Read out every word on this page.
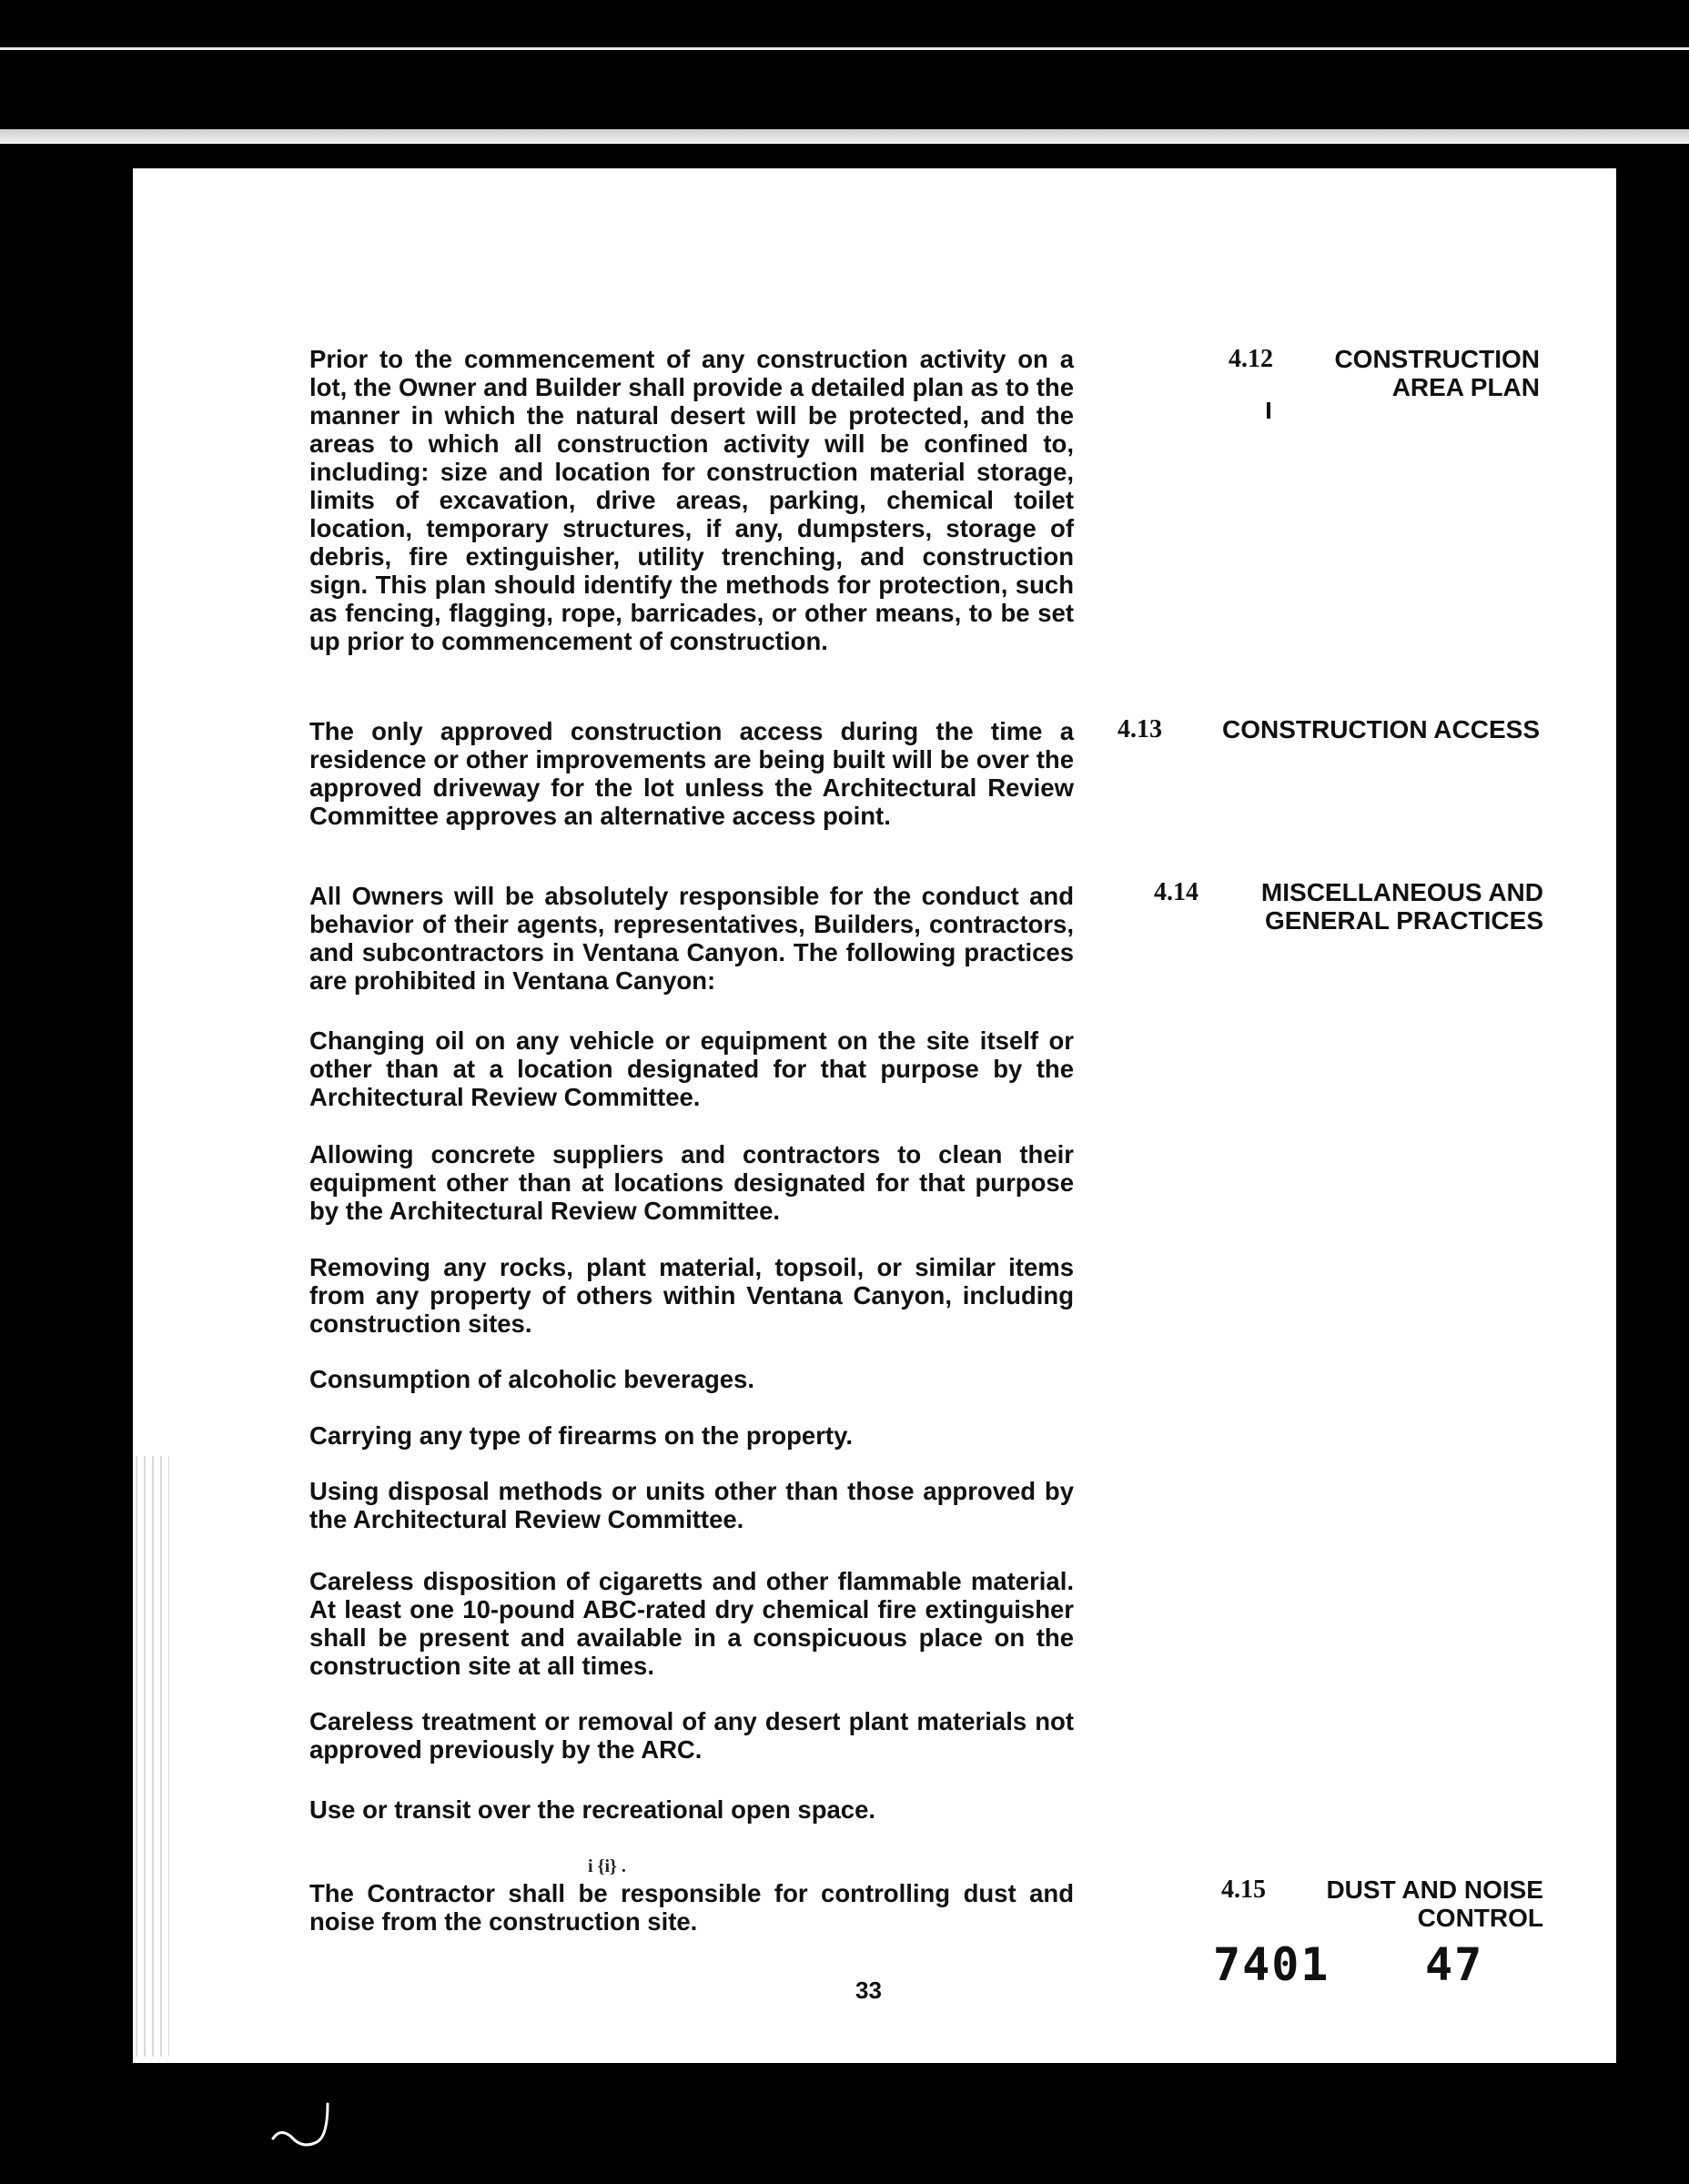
Prior to the commencement of any construction activity on a lot, the Owner and Builder shall provide a detailed plan as to the manner in which the natural desert will be protected, and the areas to which all construction activity will be confined to, including: size and location for construction material storage, limits of excavation, drive areas, parking, chemical toilet location, temporary structures, if any, dumpsters, storage of debris, fire extinguisher, utility trenching, and construction sign. This plan should identify the methods for protection, such as fencing, flagging, rope, barricades, or other means, to be set up prior to commencement of construction.
4.12 CONSTRUCTION
AREA PLAN
The only approved construction access during the time a residence or other improvements are being built will be over the approved driveway for the lot unless the Architectural Review Committee approves an alternative access point.
4.13 CONSTRUCTION ACCESS
All Owners will be absolutely responsible for the conduct and behavior of their agents, representatives, Builders, contractors, and subcontractors in Ventana Canyon. The following practices are prohibited in Ventana Canyon:
4.14 MISCELLANEOUS AND
GENERAL PRACTICES
Changing oil on any vehicle or equipment on the site itself or other than at a location designated for that purpose by the Architectural Review Committee.
Allowing concrete suppliers and contractors to clean their equipment other than at locations designated for that purpose by the Architectural Review Committee.
Removing any rocks, plant material, topsoil, or similar items from any property of others within Ventana Canyon, including construction sites.
Consumption of alcoholic beverages.
Carrying any type of firearms on the property.
Using disposal methods or units other than those approved by the Architectural Review Committee.
Careless disposition of cigaretts and other flammable material. At least one 10-pound ABC-rated dry chemical fire extinguisher shall be present and available in a conspicuous place on the construction site at all times.
Careless treatment or removal of any desert plant materials not approved previously by the ARC.
Use or transit over the recreational open space.
The Contractor shall be responsible for controlling dust and noise from the construction site.
4.15 DUST AND NOISE
CONTROL
i {i} .
33	7401 47
